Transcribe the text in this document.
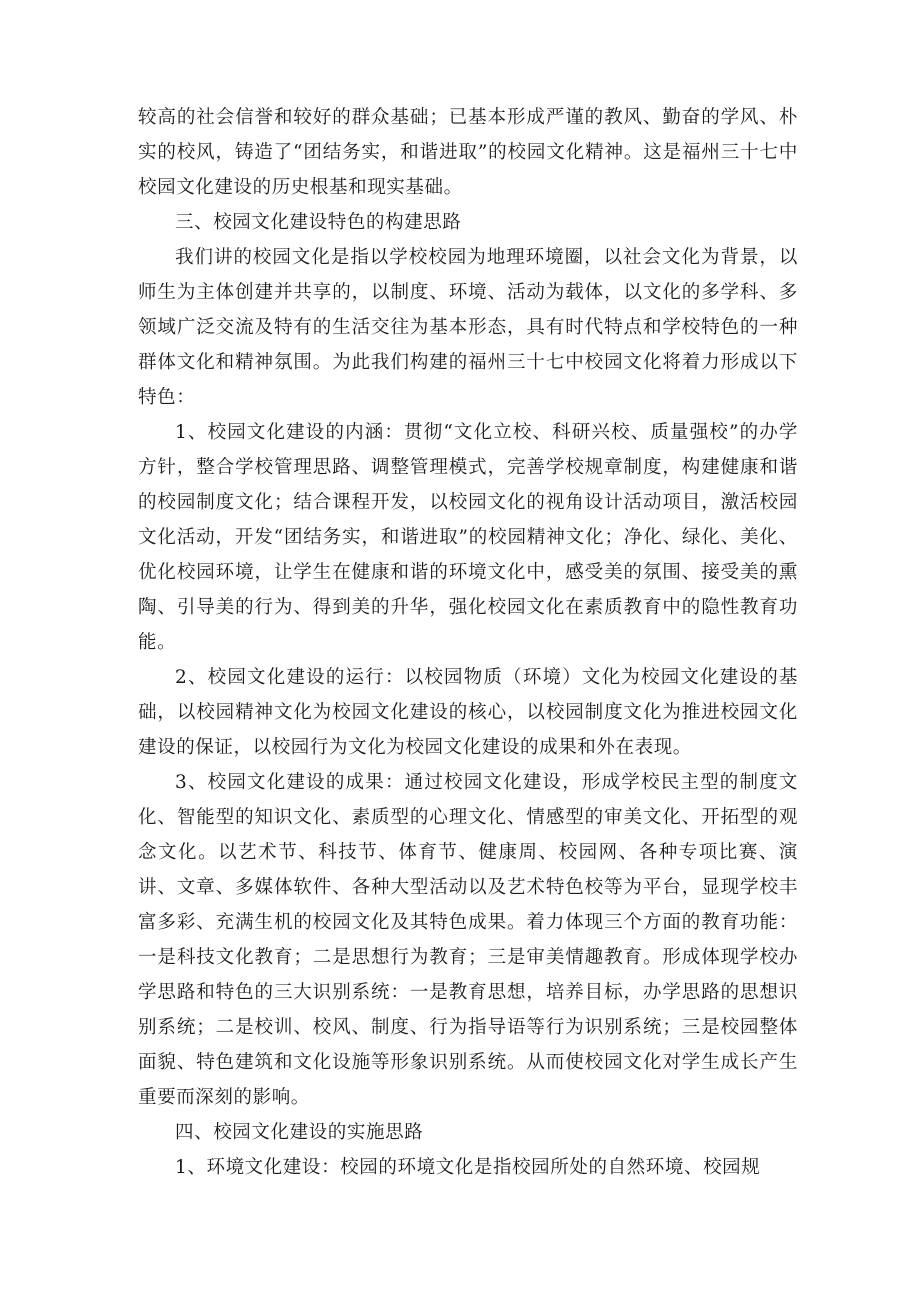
较高的社会信誉和较好的群众基础；已基本形成严谨的教风、勤奋的学风、朴实的校风，铸造了“团结务实，和谐进取”的校园文化精神。这是福州三十七中校园文化建设的历史根基和现实基础。

三、校园文化建设特色的构建思路

我们讲的校园文化是指以学校校园为地理环境圈，以社会文化为背景，以师生为主体创建并共享的，以制度、环境、活动为载体，以文化的多学科、多领域广泛交流及特有的生活交往为基本形态，具有时代特点和学校特色的一种群体文化和精神氛围。为此我们构建的福州三十七中校园文化将着力形成以下特色：

1、校园文化建设的内涵：贯彻“文化立校、科研兴校、质量强校”的办学方针，整合学校管理思路、调整管理模式，完善学校规章制度，构建健康和谐的校园制度文化；结合课程开发，以校园文化的视角设计活动项目，激活校园文化活动，开发“团结务实，和谐进取”的校园精神文化；净化、绿化、美化、优化校园环境，让学生在健康和谐的环境文化中，感受美的氛围、接受美的熏陶、引导美的行为、得到美的升华，强化校园文化在素质教育中的隐性教育功能。

2、校园文化建设的运行：以校园物质（环境）文化为校园文化建设的基础，以校园精神文化为校园文化建设的核心，以校园制度文化为推进校园文化建设的保证，以校园行为文化为校园文化建设的成果和外在表现。

3、校园文化建设的成果：通过校园文化建设，形成学校民主型的制度文化、智能型的知识文化、素质型的心理文化、情感型的审美文化、开拓型的观念文化。以艺术节、科技节、体育节、健康周、校园网、各种专项比赛、演讲、文章、多媒体软件、各种大型活动以及艺术特色校等为平台，显现学校丰富多彩、充满生机的校园文化及其特色成果。着力体现三个方面的教育功能：一是科技文化教育；二是思想行为教育；三是审美情趣教育。形成体现学校办学思路和特色的三大识别系统：一是教育思想，培养目标，办学思路的思想识别系统；二是校训、校风、制度、行为指导语等行为识别系统；三是校园整体面貌、特色建筑和文化设施等形象识别系统。从而使校园文化对学生成长产生重要而深刻的影响。

四、校园文化建设的实施思路

1、环境文化建设：校园的环境文化是指校园所处的自然环境、校园规
